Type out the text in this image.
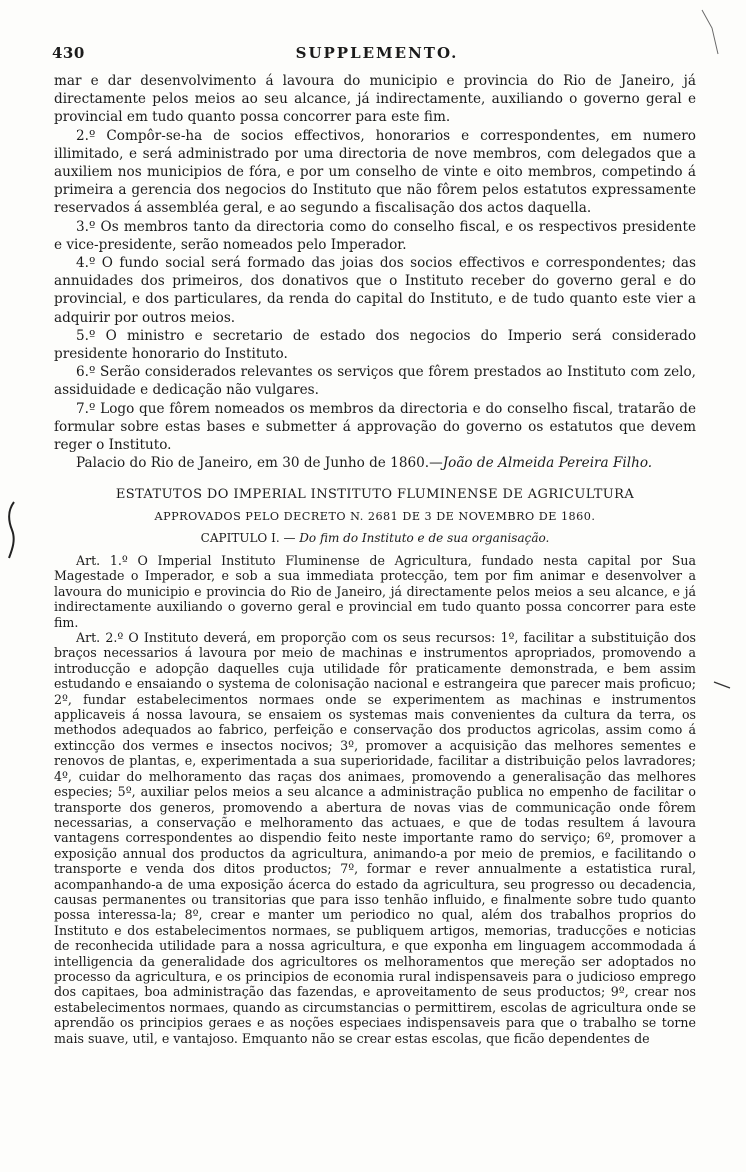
430	SUPPLEMENTO.

mar e dar desenvolvimento á lavoura do municipio e provincia do Rio de Janeiro, já directamente pelos meios ao seu alcance, já indirectamente, auxiliando o governo geral e provincial em tudo quanto possa concorrer para este fim.

2.º Compôr-se-ha de socios effectivos, honorarios e correspondentes, em numero illimitado, e será administrado por uma directoria de nove membros, com delegados que a auxiliem nos municipios de fóra, e por um conselho de vinte e oito membros, competindo á primeira a gerencia dos negocios do Instituto que não fôrem pelos estatutos expressamente reservados á assembléa geral, e ao segundo a fiscalisação dos actos daquella.

3.º Os membros tanto da directoria como do conselho fiscal, e os respectivos presidente e vice-presidente, serão nomeados pelo Imperador.

4.º O fundo social será formado das joias dos socios effectivos e correspondentes; das annuidades dos primeiros, dos donativos que o Instituto receber do governo geral e do provincial, e dos particulares, da renda do capital do Instituto, e de tudo quanto este vier a adquirir por outros meios.

5.º O ministro e secretario de estado dos negocios do Imperio será considerado presidente honorario do Instituto.

6.º Serão considerados relevantes os serviços que fôrem prestados ao Instituto com zelo, assiduidade e dedicação não vulgares.

7.º Logo que fôrem nomeados os membros da directoria e do conselho fiscal, tratarão de formular sobre estas bases e submetter á approvação do governo os estatutos que devem reger o Instituto.

Palacio do Rio de Janeiro, em 30 de Junho de 1860.—João de Almeida Pereira Filho.

ESTATUTOS DO IMPERIAL INSTITUTO FLUMINENSE DE AGRICULTURA
APPROVADOS PELO DECRETO N. 2681 DE 3 DE NOVEMBRO DE 1860.
CAPITULO I. — Do fim do Instituto e de sua organisação.

Art. 1.º O Imperial Instituto Fluminense de Agricultura, fundado nesta capital por Sua Magestade o Imperador, e sob a sua immediata protecção, tem por fim animar e desenvolver a lavoura do municipio e provincia do Rio de Janeiro, já directamente pelos meios a seu alcance, e já indirectamente auxiliando o governo geral e provincial em tudo quanto possa concorrer para este fim.

Art. 2.º O Instituto deverá, em proporção com os seus recursos: 1º, facilitar a substituição dos braços necessarios á lavoura por meio de machinas e instrumentos apropriados, promovendo a introducção e adopção daquelles cuja utilidade fôr praticamente demonstrada, e bem assim estudando e ensaiando o systema de colonisação nacional e estrangeira que parecer mais proficuo; 2º, fundar estabelecimentos normaes onde se experimentem as machinas e instrumentos applicaveis á nossa lavoura, se ensaiem os systemas mais convenientes da cultura da terra, os methodos adequados ao fabrico, perfeição e conservação dos productos agricolas, assim como á extincção dos vermes e insectos nocivos; 3º, promover a acquisição das melhores sementes e renovos de plantas, e, experimentada a sua superioridade, facilitar a distribuição pelos lavradores; 4º, cuidar do melhoramento das raças dos animaes, promovendo a generalisação das melhores especies; 5º, auxiliar pelos meios a seu alcance a administração publica no empenho de facilitar o transporte dos generos, promovendo a abertura de novas vias de communicação onde fôrem necessarias, a conservação e melhoramento das actuaes, e que de todas resultem á lavoura vantagens correspondentes ao dispendio feito neste importante ramo do serviço; 6º, promover a exposição annual dos productos da agricultura, animando-a por meio de premios, e facilitando o transporte e venda dos ditos productos; 7º, formar e rever annualmente a estatistica rural, acompanhando-a de uma exposição ácerca do estado da agricultura, seu progresso ou decadencia, causas permanentes ou transitorias que para isso tenhão influido, e finalmente sobre tudo quanto possa interessa-la; 8º, crear e manter um periodico no qual, além dos trabalhos proprios do Instituto e dos estabelecimentos normaes, se publiquem artigos, memorias, traducções e noticias de reconhecida utilidade para a nossa agricultura, e que exponha em linguagem accommodada á intelligencia da generalidade dos agricultores os melhoramentos que mereção ser adoptados no processo da agricultura, e os principios de economia rural indispensaveis para o judicioso emprego dos capitaes, boa administração das fazendas, e aproveitamento de seus productos; 9º, crear nos estabelecimentos normaes, quando as circumstancias o permittirem, escolas de agricultura onde se aprendão os principios geraes e as noções especiaes indispensaveis para que o trabalho se torne mais suave, util, e vantajoso. Emquanto não se crear estas escolas, que ficão dependentes de
